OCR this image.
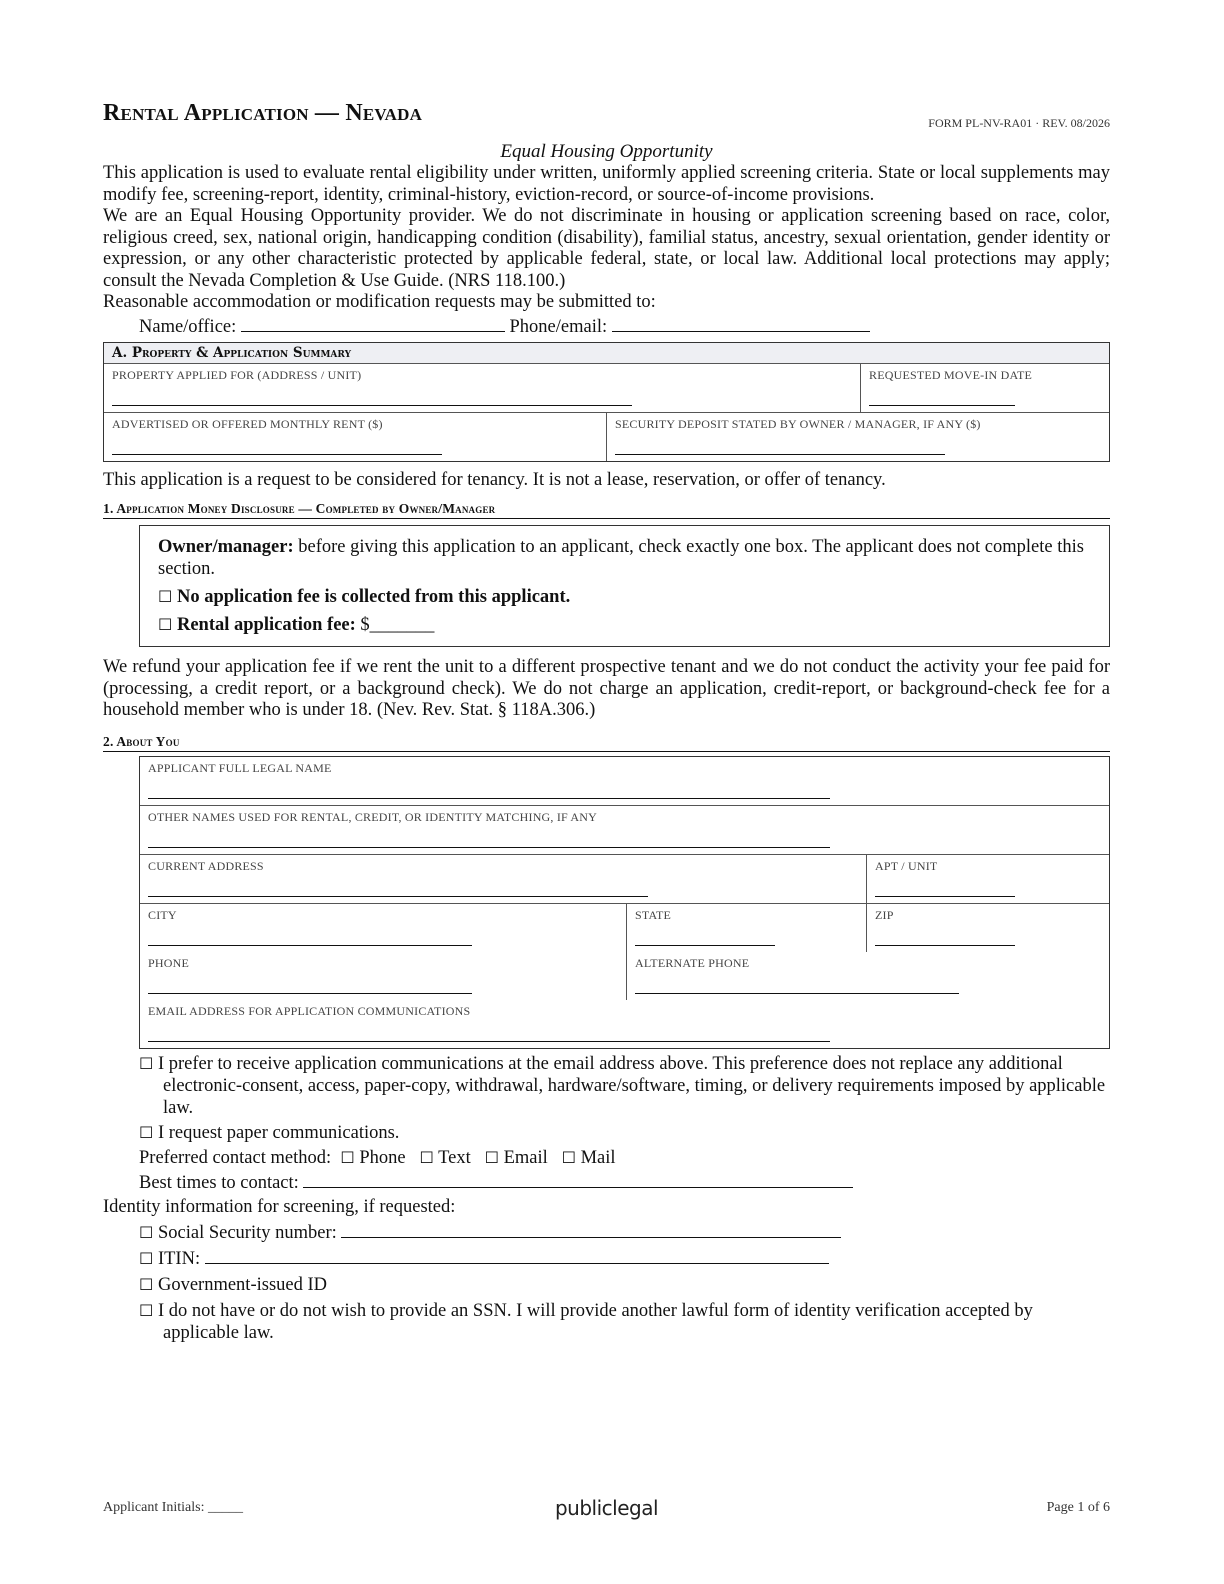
Rental Application — Nevada	FORM PL-NV-RA01 · REV. 08/2026
Equal Housing Opportunity

This application is used to evaluate rental eligibility under written, uniformly applied screening criteria. State or local supplements may modify fee, screening-report, identity, criminal-history, eviction-record, or source-of-income provisions.

We are an Equal Housing Opportunity provider. We do not discriminate in housing or application screening based on race, color, religious creed, sex, national origin, handicapping condition (disability), familial status, ancestry, sexual orientation, gender identity or expression, or any other characteristic protected by applicable federal, state, or local law. Additional local protections may apply; consult the Nevada Completion & Use Guide. (NRS 118.100.)

Reasonable accommodation or modification requests may be submitted to:

Name/office:	Phone/email:
A. Property & Application Summary
PROPERTY APPLIED FOR (ADDRESS / UNIT)	REQUESTED MOVE-IN DATE
ADVERTISED OR OFFERED MONTHLY RENT ($)	SECURITY DEPOSIT STATED BY OWNER / MANAGER, IF ANY ($)

This application is a request to be considered for tenancy. It is not a lease, reservation, or offer of tenancy.

1. Application Money Disclosure — Completed by Owner/Manager
Owner/manager: before giving this application to an applicant, check exactly one box. The applicant does not complete this section.
☐ No application fee is collected from this applicant.
☐ Rental application fee: $_______

We refund your application fee if we rent the unit to a different prospective tenant and we do not conduct the activity your fee paid for (processing, a credit report, or a background check). We do not charge an application, credit-report, or background-check fee for a household member who is under 18. (Nev. Rev. Stat. § 118A.306.)

2. About You
APPLICANT FULL LEGAL NAME		

OTHER NAMES USED FOR RENTAL, CREDIT, OR IDENTITY MATCHING, IF ANY		

CURRENT ADDRESS		APT / UNIT

CITY	STATE	ZIP

PHONE	ALTERNATE PHONE	

EMAIL ADDRESS FOR APPLICATION COMMUNICATIONS		
☐ I prefer to receive application communications at the email address above. This preference does not replace any additional electronic-consent, access, paper-copy, withdrawal, hardware/software, timing, or delivery requirements imposed by applicable law.
☐ I request paper communications.
Preferred contact method: ☐ Phone ☐ Text ☐ Email ☐ Mail
Best times to contact:
Identity information for screening, if requested:
☐ Social Security number:
☐ ITIN:
☐ Government-issued ID
☐ I do not have or do not wish to provide an SSN. I will provide another lawful form of identity verification accepted by applicable law.
Applicant Initials: _____	publiclegal	Page 1 of 6
